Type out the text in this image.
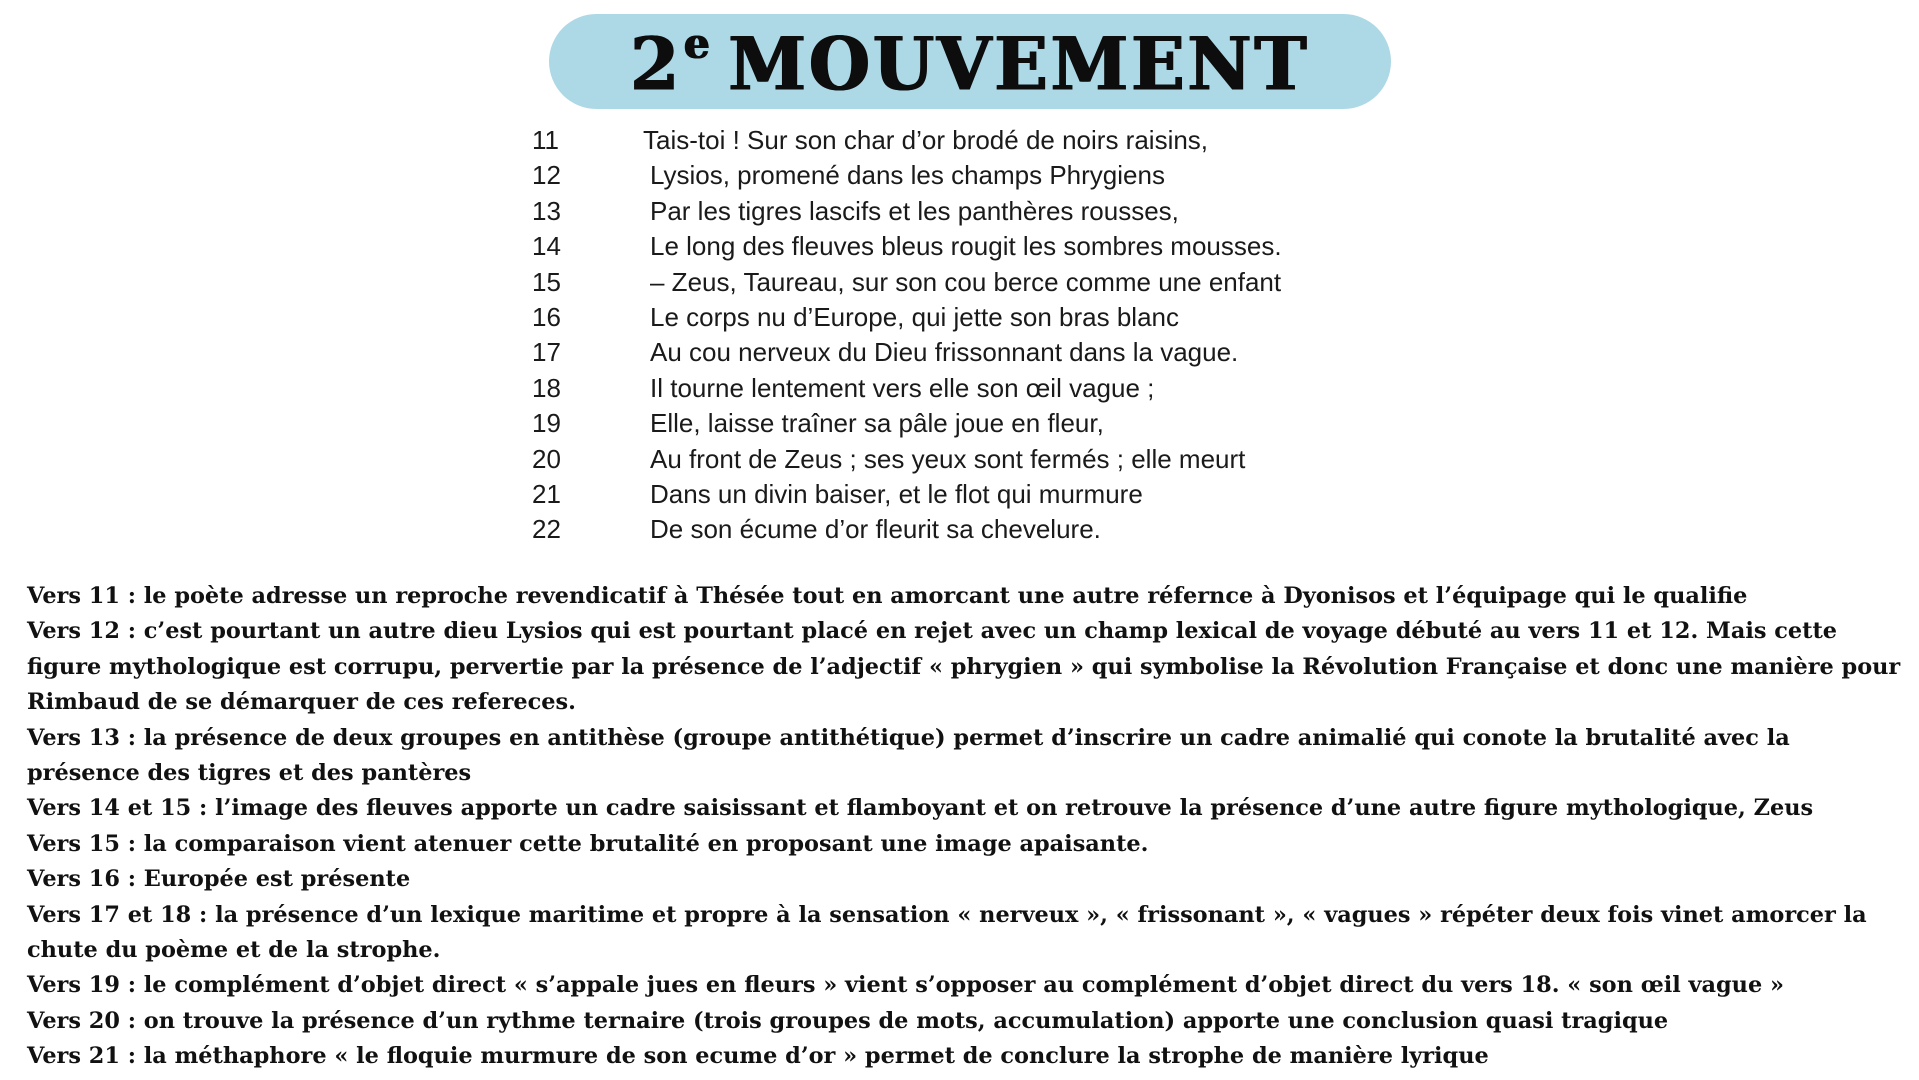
2e MOUVEMENT
11	Tais-toi ! Sur son char d’or brodé de noirs raisins,
12	Lysios, promené dans les champs Phrygiens
13	Par les tigres lascifs et les panthères rousses,
14	Le long des fleuves bleus rougit les sombres mousses.
15	– Zeus, Taureau, sur son cou berce comme une enfant
16	Le corps nu d’Europe, qui jette son bras blanc
17	Au cou nerveux du Dieu frissonnant dans la vague.
18	Il tourne lentement vers elle son œil vague ;
19	Elle, laisse traîner sa pâle joue en fleur,
20	Au front de Zeus ; ses yeux sont fermés ; elle meurt
21	Dans un divin baiser, et le flot qui murmure
22	De son écume d’or fleurit sa chevelure.

Vers 11 : le poète adresse un reproche revendicatif à Thésée tout en amorcant une autre réfernce à Dyonisos et l’équipage qui le qualifie

Vers 12 : c’est pourtant un autre dieu Lysios qui est pourtant placé en rejet avec un champ lexical de voyage débuté au vers 11 et 12. Mais cette figure mythologique est corrupu, pervertie par la présence de l’adjectif « phrygien » qui symbolise la Révolution Française et donc une manière pour Rimbaud de se démarquer de ces refereces.

Vers 13 : la présence de deux groupes en antithèse (groupe antithétique) permet d’inscrire un cadre animalié qui conote la brutalité avec la présence des tigres et des pantères

Vers 14 et 15 : l’image des fleuves apporte un cadre saisissant et flamboyant et on retrouve la présence d’une autre figure mythologique, Zeus

Vers 15 : la comparaison vient atenuer cette brutalité en proposant une image apaisante.

Vers 16 : Europée est présente

Vers 17 et 18 : la présence d’un lexique maritime et propre à la sensation « nerveux », « frissonant », « vagues » répéter deux fois vinet amorcer la chute du poème et de la strophe.

Vers 19 : le complément d’objet direct « s’appale jues en fleurs » vient s’opposer au complément d’objet direct du vers 18. « son œil vague »

Vers 20 : on trouve la présence d’un rythme ternaire (trois groupes de mots, accumulation) apporte une conclusion quasi tragique

Vers 21 : la méthaphore « le floquie murmure de son ecume d’or » permet de conclure la strophe de manière lyrique
